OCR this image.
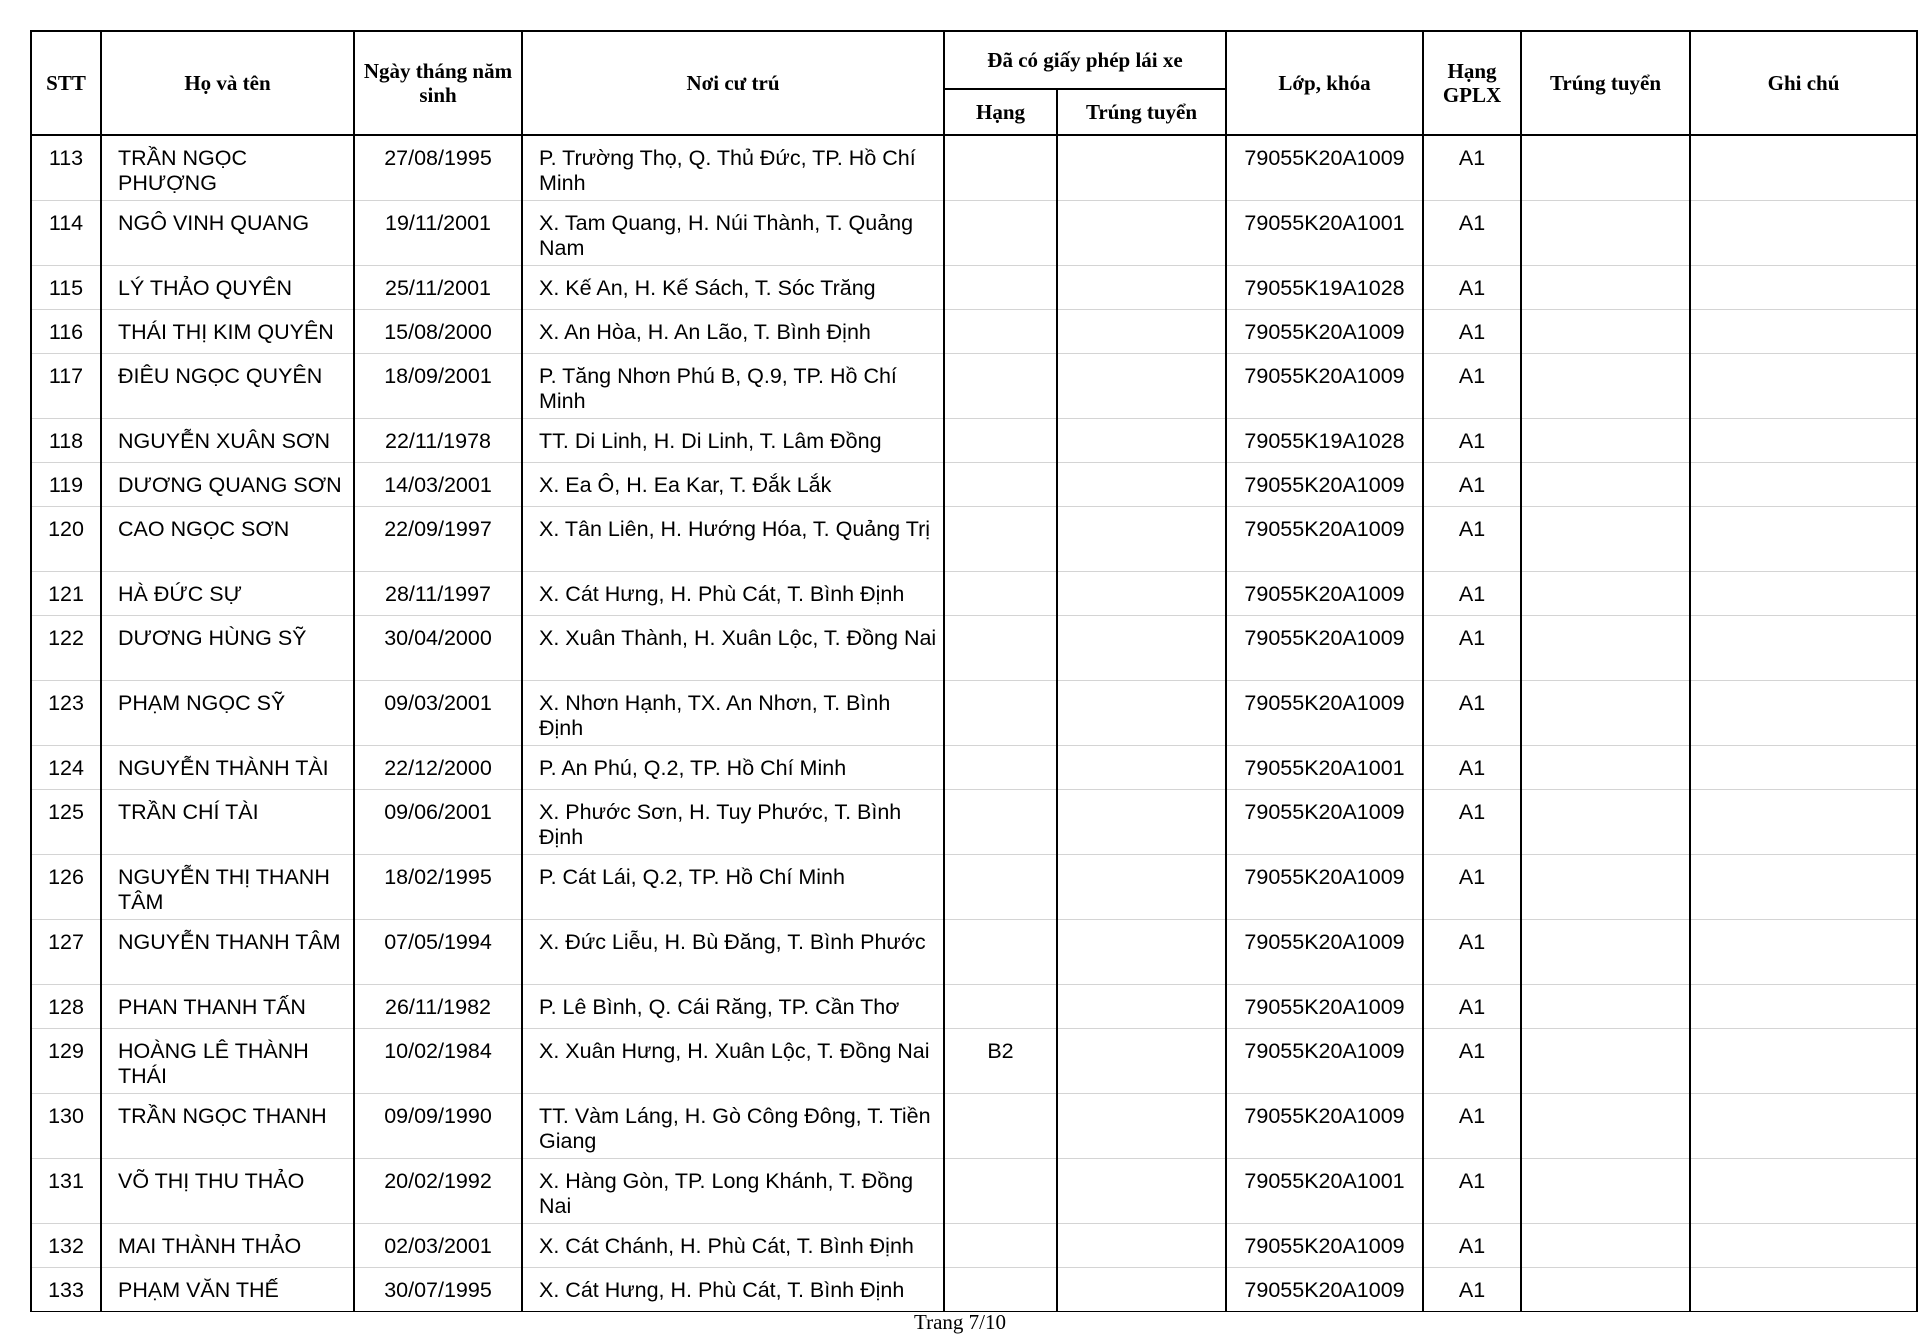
STT	Họ và tên	Ngày tháng năm sinh	Nơi cư trú	Đã có giấy phép lái xe		Lớp, khóa	Hạng GPLX	Trúng tuyển	Ghi chú
				Hạng	Trúng tuyển				
113	TRẦN NGỌC PHƯỢNG	27/08/1995	P. Trường Thọ, Q. Thủ Đức, TP. Hồ Chí Minh			79055K20A1009	A1		
114	NGÔ VINH QUANG	19/11/2001	X. Tam Quang, H. Núi Thành, T. Quảng Nam			79055K20A1001	A1		
115	LÝ THẢO QUYÊN	25/11/2001	X. Kế An, H. Kế Sách, T. Sóc Trăng			79055K19A1028	A1		
116	THÁI THỊ KIM QUYÊN	15/08/2000	X. An Hòa, H. An Lão, T. Bình Định			79055K20A1009	A1		
117	ĐIÊU NGỌC QUYÊN	18/09/2001	P. Tăng Nhơn Phú B, Q.9, TP. Hồ Chí Minh			79055K20A1009	A1		
118	NGUYỄN XUÂN SƠN	22/11/1978	TT. Di Linh, H. Di Linh, T. Lâm Đồng			79055K19A1028	A1		
119	DƯƠNG QUANG SƠN	14/03/2001	X. Ea Ô, H. Ea Kar, T. Đắk Lắk			79055K20A1009	A1		
120	CAO NGỌC SƠN	22/09/1997	X. Tân Liên, H. Hướng Hóa, T. Quảng Trị			79055K20A1009	A1		
121	HÀ ĐỨC SỰ	28/11/1997	X. Cát Hưng, H. Phù Cát, T. Bình Định			79055K20A1009	A1		
122	DƯƠNG HÙNG SỸ	30/04/2000	X. Xuân Thành, H. Xuân Lộc, T. Đồng Nai			79055K20A1009	A1		
123	PHẠM NGỌC SỸ	09/03/2001	X. Nhơn Hạnh, TX. An Nhơn, T. Bình Định			79055K20A1009	A1		
124	NGUYỄN THÀNH TÀI	22/12/2000	P. An Phú, Q.2, TP. Hồ Chí Minh			79055K20A1001	A1		
125	TRẦN CHÍ TÀI	09/06/2001	X. Phước Sơn, H. Tuy Phước, T. Bình Định			79055K20A1009	A1		
126	NGUYỄN THỊ THANH TÂM	18/02/1995	P. Cát Lái, Q.2, TP. Hồ Chí Minh			79055K20A1009	A1		
127	NGUYỄN THANH TÂM	07/05/1994	X. Đức Liễu, H. Bù Đăng, T. Bình Phước			79055K20A1009	A1		
128	PHAN THANH TẤN	26/11/1982	P. Lê Bình, Q. Cái Răng, TP. Cần Thơ			79055K20A1009	A1		
129	HOÀNG LÊ THÀNH THÁI	10/02/1984	X. Xuân Hưng, H. Xuân Lộc, T. Đồng Nai	B2		79055K20A1009	A1		
130	TRẦN NGỌC THANH	09/09/1990	TT. Vàm Láng, H. Gò Công Đông, T. Tiền Giang			79055K20A1009	A1		
131	VÕ THỊ THU THẢO	20/02/1992	X. Hàng Gòn, TP. Long Khánh, T. Đồng Nai			79055K20A1001	A1		
132	MAI THÀNH THẢO	02/03/2001	X. Cát Chánh, H. Phù Cát, T. Bình Định			79055K20A1009	A1		
133	PHẠM VĂN THẾ	30/07/1995	X. Cát Hưng, H. Phù Cát, T. Bình Định			79055K20A1009	A1		
Trang 7/10
